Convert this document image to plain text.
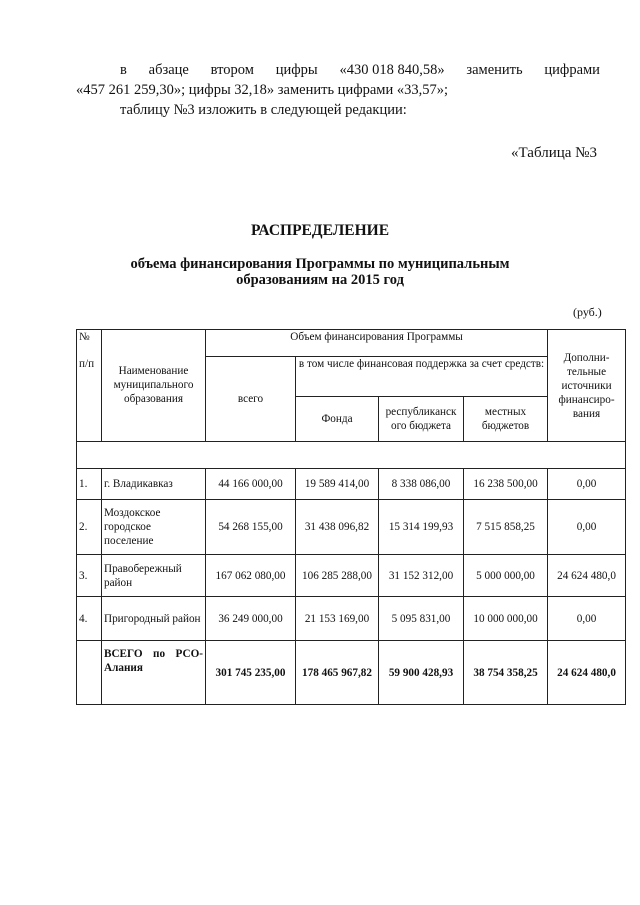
в абзаце втором цифры «430 018 840,58» заменить цифрами
«457 261 259,30»; цифры 32,18» заменить цифрами «33,57»;
таблицу №3 изложить в следующей редакции:
«Таблица №3
РАСПРЕДЕЛЕНИЕ
объема финансирования Программы по муниципальным
образованиям на 2015 год
(руб.)
№	Наименование муниципального образования	Объем финансирования Программы				Дополни-тельные источники финансиро-вания
п/п		всего	в том числе финансовая поддержка за счет средств:			
			Фонда	республиканск ого бюджета	местных бюджетов	

1.	г. Владикавказ	44 166 000,00	19 589 414,00	8 338 086,00	16 238 500,00	0,00
2.	Моздокское городское поселение	54 268 155,00	31 438 096,82	15 314 199,93	7 515 858,25	0,00
3.	Правобережный район	167 062 080,00	106 285 288,00	31 152 312,00	5 000 000,00	24 624 480,0
4.	Пригородный район	36 249 000,00	21 153 169,00	5 095 831,00	10 000 000,00	0,00
	ВСЕГО по РСО-Алания	301 745 235,00	178 465 967,82	59 900 428,93	38 754 358,25	24 624 480,0
